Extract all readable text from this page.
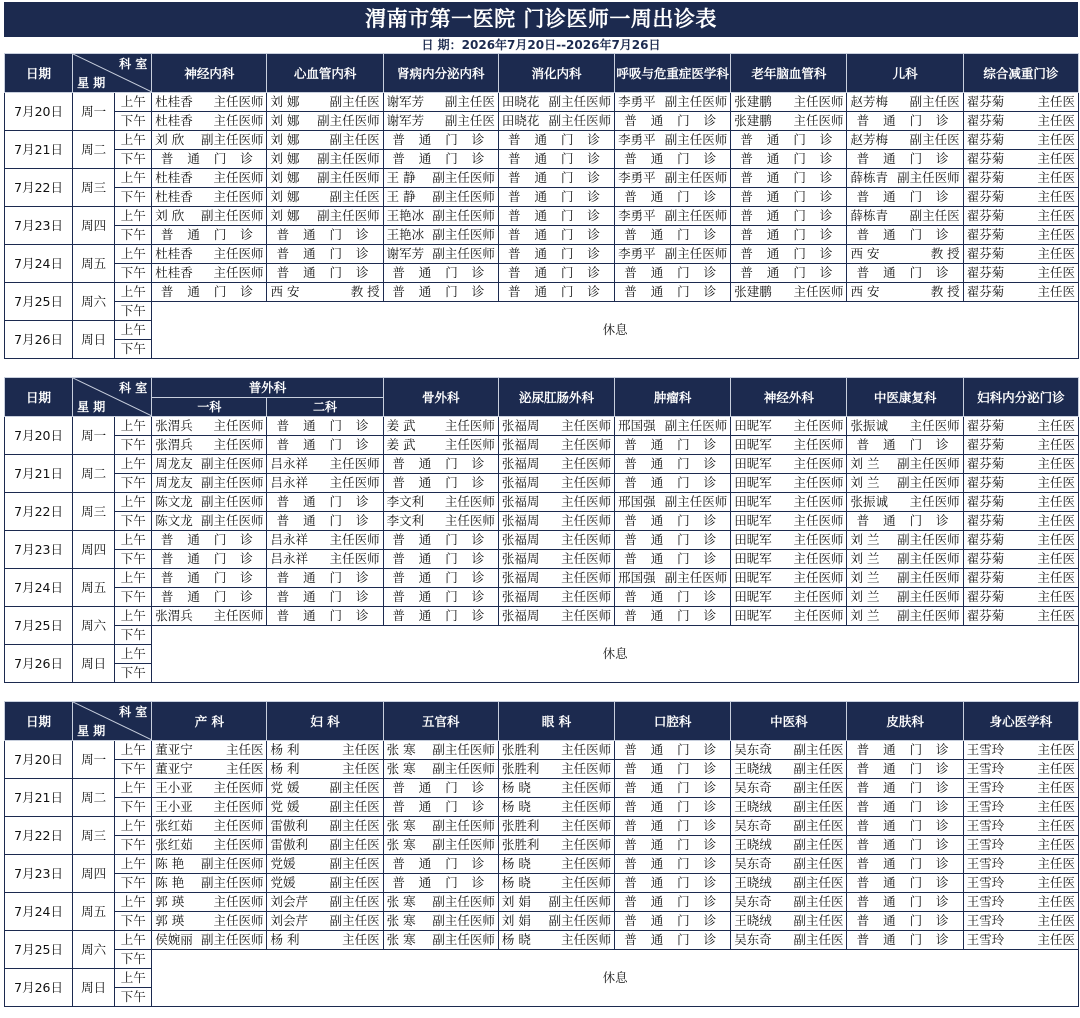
渭南市第一医院 门诊医师一周出诊表
日 期：2026年7月20日--2026年7月26日
日期	科 室
星 期		神经内科	心血管内科	肾病内分泌内科	消化内科	呼吸与危重症医学科	老年脑血管科	儿科	综合减重门诊
7月20日	周一	上午	杜桂香 主任医师	刘 娜 副主任医	谢军芳 副主任医	田晓花 副主任医师	李勇平 副主任医师	张建鹏 主任医师	赵芳梅 副主任医	翟芬菊 主任医

		下午	杜桂香 主任医师	刘 娜 副主任医师	谢军芳 副主任医	田晓花 副主任医师	普 通 门 诊	张建鹏 主任医师	普 通 门 诊	翟芬菊 主任医

7月21日	周二	上午	刘 欣 副主任医师	刘 娜 副主任医	普 通 门 诊	普 通 门 诊	李勇平 副主任医师	普 通 门 诊	赵芳梅 副主任医	翟芬菊 主任医

		下午	普 通 门 诊	刘 娜 副主任医师	普 通 门 诊	普 通 门 诊	普 通 门 诊	普 通 门 诊	普 通 门 诊	翟芬菊 主任医

7月22日	周三	上午	杜桂香 主任医师	刘 娜 副主任医师	王 静 副主任医师	普 通 门 诊	李勇平 副主任医师	普 通 门 诊	薛栋青 副主任医师	翟芬菊 主任医

		下午	杜桂香 主任医师	刘 娜 副主任医	王 静 副主任医师	普 通 门 诊	普 通 门 诊	普 通 门 诊	普 通 门 诊	翟芬菊 主任医

7月23日	周四	上午	刘 欣 副主任医师	刘 娜 副主任医师	王艳冰 副主任医师	普 通 门 诊	李勇平 副主任医师	普 通 门 诊	薛栋青 副主任医	翟芬菊 主任医

		下午	普 通 门 诊	普 通 门 诊	王艳冰 副主任医师	普 通 门 诊	普 通 门 诊	普 通 门 诊	普 通 门 诊	翟芬菊 主任医

7月24日	周五	上午	杜桂香 主任医师	普 通 门 诊	谢军芳 副主任医师	普 通 门 诊	李勇平 副主任医师	普 通 门 诊	西 安 教 授	翟芬菊 主任医

		下午	杜桂香 主任医师	普 通 门 诊	普 通 门 诊	普 通 门 诊	普 通 门 诊	普 通 门 诊	普 通 门 诊	翟芬菊 主任医

7月25日	周六	上午	普 通 门 诊	西 安 教 授	普 通 门 诊	普 通 门 诊	普 通 门 诊	张建鹏 主任医师	西 安 教 授	翟芬菊 主任医

		下午	休息							
7月26日	周日	上午								
		下午								
日期	科 室
星 期		普外科		骨外科	泌尿肛肠外科	肿瘤科	神经外科	中医康复科	妇科内分泌门诊
			一科	二科						
7月20日	周一	上午	张渭兵 主任医师	普 通 门 诊	姜 武 主任医师	张福周 主任医师	邢国强 副主任医师	田昵军 主任医师	张振诚 主任医师	翟芬菊 主任医

		下午	张渭兵 主任医师	普 通 门 诊	姜 武 主任医师	张福周 主任医师	普 通 门 诊	田昵军 主任医师	普 通 门 诊	翟芬菊 主任医

7月21日	周二	上午	周龙友 副主任医师	吕永祥 主任医师	普 通 门 诊	张福周 主任医师	普 通 门 诊	田昵军 主任医师	刘 兰 副主任医师	翟芬菊 主任医

		下午	周龙友 副主任医师	吕永祥 主任医师	普 通 门 诊	张福周 主任医师	普 通 门 诊	田昵军 主任医师	刘 兰 副主任医师	翟芬菊 主任医

7月22日	周三	上午	陈文龙 副主任医师	普 通 门 诊	李文利 主任医师	张福周 主任医师	邢国强 副主任医师	田昵军 主任医师	张振诚 主任医师	翟芬菊 主任医

		下午	陈文龙 副主任医师	普 通 门 诊	李文利 主任医师	张福周 主任医师	普 通 门 诊	田昵军 主任医师	普 通 门 诊	翟芬菊 主任医

7月23日	周四	上午	普 通 门 诊	吕永祥 主任医师	普 通 门 诊	张福周 主任医师	普 通 门 诊	田昵军 主任医师	刘 兰 副主任医师	翟芬菊 主任医

		下午	普 通 门 诊	吕永祥 主任医师	普 通 门 诊	张福周 主任医师	普 通 门 诊	田昵军 主任医师	刘 兰 副主任医师	翟芬菊 主任医

7月24日	周五	上午	普 通 门 诊	普 通 门 诊	普 通 门 诊	张福周 主任医师	邢国强 副主任医师	田昵军 主任医师	刘 兰 副主任医师	翟芬菊 主任医

		下午	普 通 门 诊	普 通 门 诊	普 通 门 诊	张福周 主任医师	普 通 门 诊	田昵军 主任医师	刘 兰 副主任医师	翟芬菊 主任医

7月25日	周六	上午	张渭兵 主任医师	普 通 门 诊	普 通 门 诊	张福周 主任医师	普 通 门 诊	田昵军 主任医师	刘 兰 副主任医师	翟芬菊 主任医

		下午	休息							
7月26日	周日	上午								
		下午								
日期	科 室
星 期		产 科	妇 科	五官科	眼 科	口腔科	中医科	皮肤科	身心医学科
7月20日	周一	上午	董亚宁 主任医	杨 利 主任医	张 寒 副主任医师	张胜利 主任医师	普 通 门 诊	吴东奇 副主任医	普 通 门 诊	王雪玲 主任医

		下午	董亚宁 主任医	杨 利 主任医	张 寒 副主任医师	张胜利 主任医师	普 通 门 诊	王晓绒 副主任医	普 通 门 诊	王雪玲 主任医

7月21日	周二	上午	王小亚 主任医师	党 媛 副主任医	普 通 门 诊	杨 晓 主任医师	普 通 门 诊	吴东奇 副主任医	普 通 门 诊	王雪玲 主任医

		下午	王小亚 主任医师	党 媛 副主任医	普 通 门 诊	杨 晓 主任医师	普 通 门 诊	王晓绒 副主任医	普 通 门 诊	王雪玲 主任医

7月22日	周三	上午	张红茹 主任医师	雷傲利 副主任医	张 寒 副主任医师	张胜利 主任医师	普 通 门 诊	吴东奇 副主任医	普 通 门 诊	王雪玲 主任医

		下午	张红茹 主任医师	雷傲利 副主任医	张 寒 副主任医师	张胜利 主任医师	普 通 门 诊	王晓绒 副主任医	普 通 门 诊	王雪玲 主任医

7月23日	周四	上午	陈 艳 副主任医师	党媛 副主任医	普 通 门 诊	杨 晓 主任医师	普 通 门 诊	吴东奇 副主任医	普 通 门 诊	王雪玲 主任医

		下午	陈 艳 副主任医师	党媛 副主任医	普 通 门 诊	杨 晓 主任医师	普 通 门 诊	王晓绒 副主任医	普 通 门 诊	王雪玲 主任医

7月24日	周五	上午	郭 瑛 主任医师	刘会芹 副主任医	张 寒 副主任医师	刘 娟 副主任医师	普 通 门 诊	吴东奇 副主任医	普 通 门 诊	王雪玲 主任医

		下午	郭 瑛 主任医师	刘会芹 副主任医	张 寒 副主任医师	刘 娟 副主任医师	普 通 门 诊	王晓绒 副主任医	普 通 门 诊	王雪玲 主任医

7月25日	周六	上午	侯婉丽 副主任医师	杨 利 主任医	张 寒 副主任医师	杨 晓 主任医师	普 通 门 诊	吴东奇 副主任医	普 通 门 诊	王雪玲 主任医

		下午	休息							
7月26日	周日	上午								
		下午								
